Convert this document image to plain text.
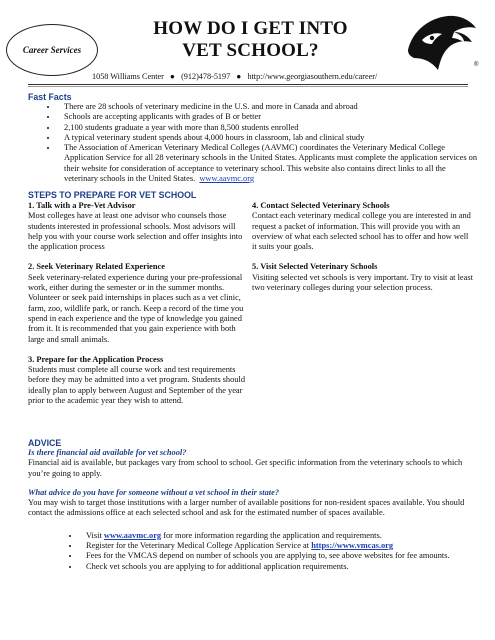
Career Services
HOW DO I GET INTO
VET SCHOOL?
®
1058 Williams Center ● (912)478-5197 ● http://www.georgiasouthern.edu/career/
Fast Facts
• There are 28 schools of veterinary medicine in the U.S. and more in Canada and abroad
• Schools are accepting applicants with grades of B or better
• 2,100 students graduate a year with more than 8,500 students enrolled
• A typical veterinary student spends about 4,000 hours in classroom, lab and clinical study
• The Association of American Veterinary Medical Colleges (AAVMC) coordinates the Veterinary Medical College Application Service for all 28 veterinary schools in the United States. Applicants must complete the application services on their website for consideration of acceptance to veterinary school. This website also contains direct links to all the veterinary schools in the United States. www.aavmc.org
STEPS TO PREPARE FOR VET SCHOOL
1. Talk with a Pre-Vet Advisor
Most colleges have at least one advisor who counsels those students interested in professional schools. Most advisors will help you with your course work selection and offer insights into the application process
2. Seek Veterinary Related Experience
Seek veterinary-related experience during your pre-professional work, either during the semester or in the summer months. Volunteer or seek paid internships in places such as a vet clinic, farm, zoo, wildlife park, or ranch. Keep a record of the time you spend in each experience and the type of knowledge you gained from it. It is recommended that you gain experience with both large and small animals.
3. Prepare for the Application Process
Students must complete all course work and test requirements before they may be admitted into a vet program. Students should ideally plan to apply between August and September of the year prior to the academic year they wish to attend.
4. Contact Selected Veterinary Schools
Contact each veterinary medical college you are interested in and request a packet of information. This will provide you with an overview of what each selected school has to offer and how well it suits your goals.
5. Visit Selected Veterinary Schools
Visiting selected vet schools is very important. Try to visit at least two veterinary colleges during your selection process.
ADVICE
Is there financial aid available for vet school?
Financial aid is available, but packages vary from school to school. Get specific information from the veterinary schools to which you’re going to apply.
What advice do you have for someone without a vet school in their state?
You may wish to target those institutions with a larger number of available positions for non-resident spaces available. You should contact the admissions office at each selected school and ask for the estimated number of spaces available.
• Visit www.aavmc.org for more information regarding the application and requirements.
• Register for the Veterinary Medical College Application Service at https://www.vmcas.org
• Fees for the VMCAS depend on number of schools you are applying to, see above websites for fee amounts.
• Check vet schools you are applying to for additional application requirements.
